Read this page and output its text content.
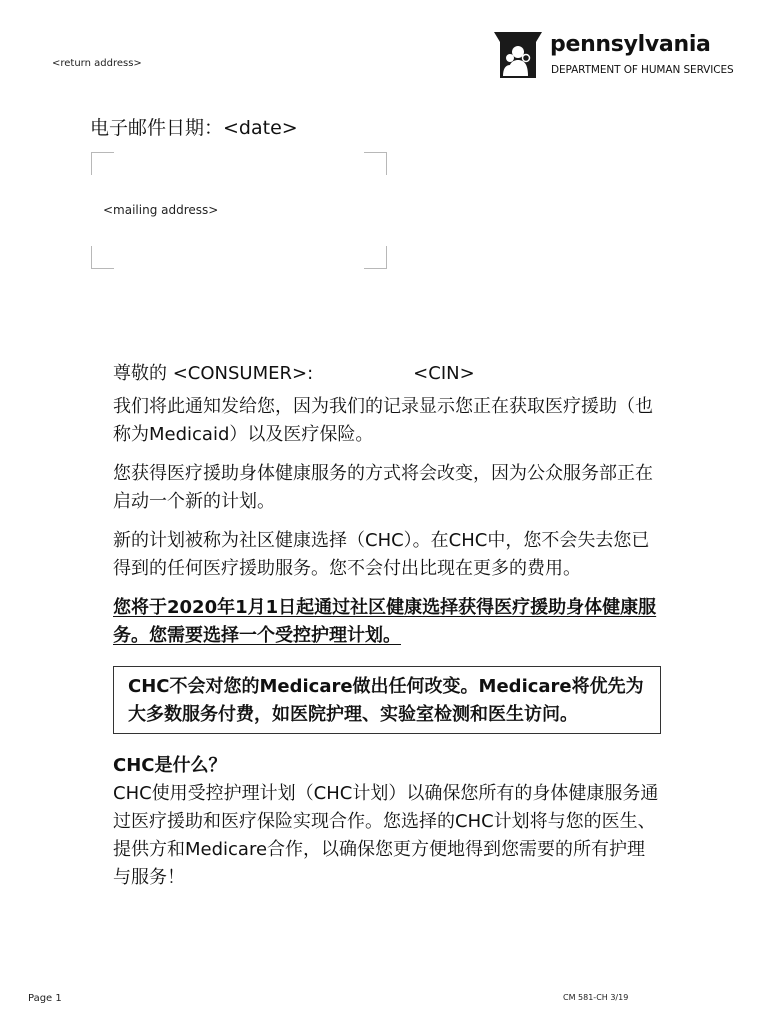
<return address>
pennsylvania
DEPARTMENT OF HUMAN SERVICES
电子邮件日期：<date>
<mailing address>
尊敬的 <CONSUMER>:	<CIN>

我们将此通知发给您，因为我们的记录显示您正在获取医疗援助（也称为Medicaid）以及医疗保险。

您获得医疗援助身体健康服务的方式将会改变，因为公众服务部正在启动一个新的计划。

新的计划被称为社区健康选择（CHC）。在CHC中，您不会失去您已得到的任何医疗援助服务。您不会付出比现在更多的费用。

您将于2020年1月1日起通过社区健康选择获得医疗援助身体健康服务。您需要选择一个受控护理计划。

CHC不会对您的Medicare做出任何改变。Medicare将优先为大多数服务付费，如医院护理、实验室检测和医生访问。
CHC是什么？

CHC使用受控护理计划（CHC计划）以确保您所有的身体健康服务通过医疗援助和医疗保险实现合作。您选择的CHC计划将与您的医生、提供方和Medicare合作，以确保您更方便地得到您需要的所有护理与服务！

Page 1	CM 581-CH 3/19
